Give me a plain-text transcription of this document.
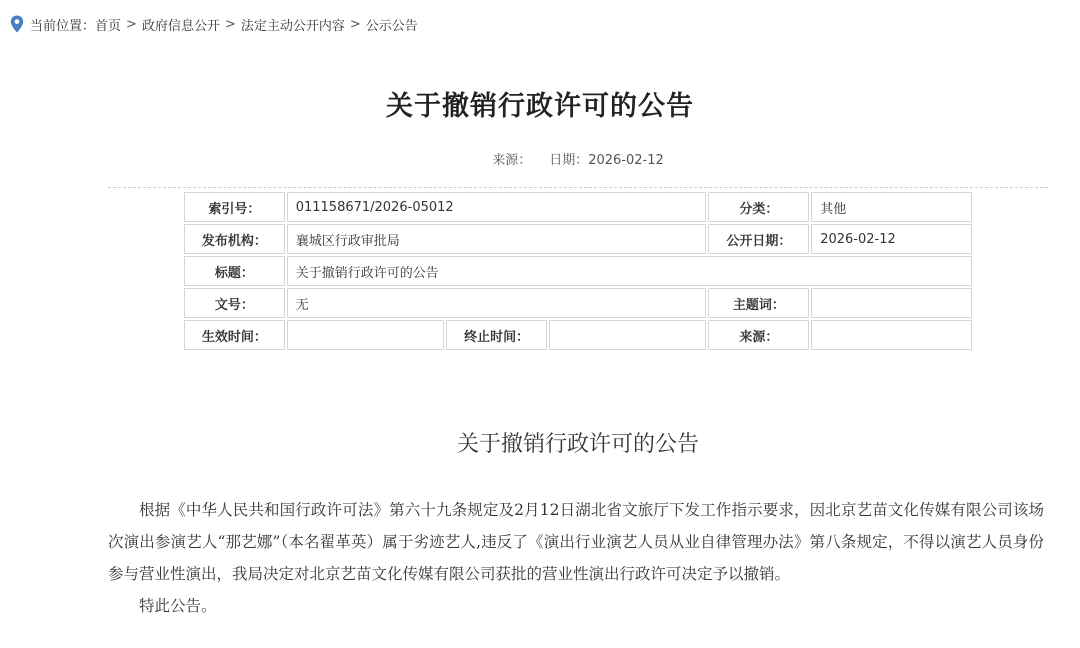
当前位置： 首页 > 政府信息公开 > 法定主动公开内容 > 公示公告
关于撤销行政许可的公告
来源： 日期：2026-02-12
索引号：	011158671/2026-05012			分类：	其他
发布机构：	襄城区行政审批局			公开日期：	2026-02-12
标题：	关于撤销行政许可的公告				
文号：	无			主题词：	
生效时间：		终止时间：		来源：	
关于撤销行政许可的公告

根据《中华人民共和国行政许可法》第六十九条规定及2月12日湖北省文旅厅下发工作指示要求，因北京艺苗文化传媒有限公司该场次演出参演艺人“那艺娜”（本名翟革英）属于劣迹艺人,违反了《演出行业演艺人员从业自律管理办法》第八条规定，不得以演艺人员身份参与营业性演出，我局决定对北京艺苗文化传媒有限公司获批的营业性演出行政许可决定予以撤销。

特此公告。
